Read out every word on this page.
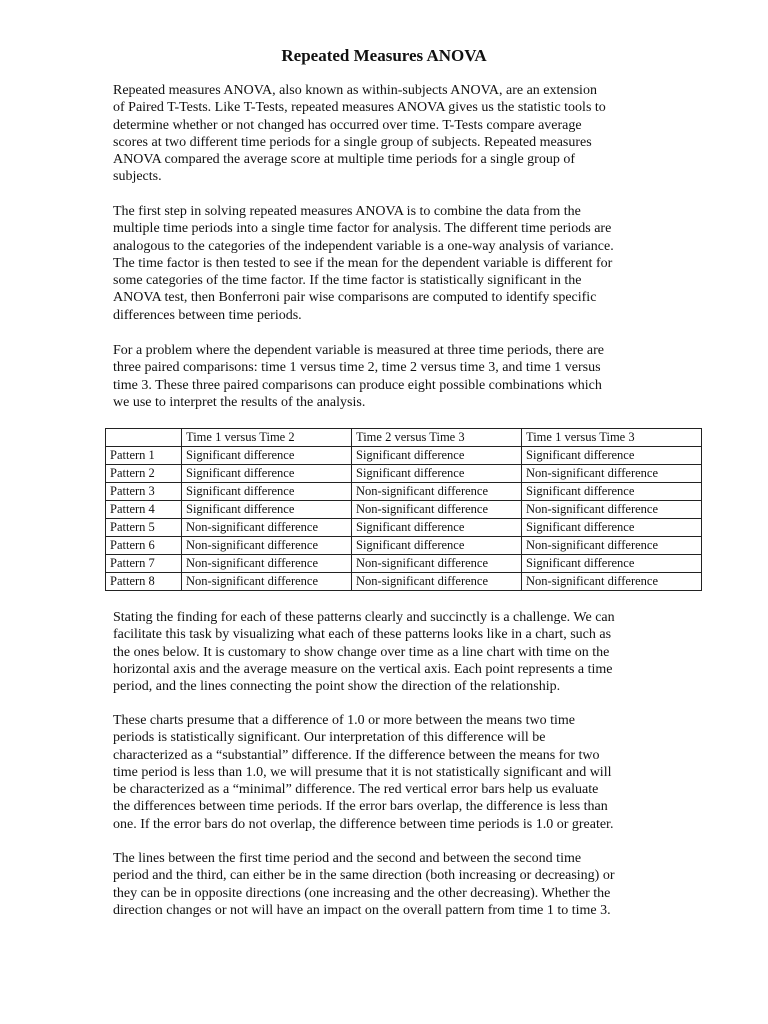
Repeated Measures ANOVA

Repeated measures ANOVA, also known as within-subjects ANOVA, are an extension
of Paired T-Tests. Like T-Tests, repeated measures ANOVA gives us the statistic tools to
determine whether or not changed has occurred over time. T-Tests compare average
scores at two different time periods for a single group of subjects. Repeated measures
ANOVA compared the average score at multiple time periods for a single group of
subjects.

The first step in solving repeated measures ANOVA is to combine the data from the
multiple time periods into a single time factor for analysis. The different time periods are
analogous to the categories of the independent variable is a one-way analysis of variance.
The time factor is then tested to see if the mean for the dependent variable is different for
some categories of the time factor. If the time factor is statistically significant in the
ANOVA test, then Bonferroni pair wise comparisons are computed to identify specific
differences between time periods.

For a problem where the dependent variable is measured at three time periods, there are
three paired comparisons: time 1 versus time 2, time 2 versus time 3, and time 1 versus
time 3. These three paired comparisons can produce eight possible combinations which
we use to interpret the results of the analysis.

	Time 1 versus Time 2	Time 2 versus Time 3	Time 1 versus Time 3
Pattern 1	Significant difference	Significant difference	Significant difference
Pattern 2	Significant difference	Significant difference	Non-significant difference
Pattern 3	Significant difference	Non-significant difference	Significant difference
Pattern 4	Significant difference	Non-significant difference	Non-significant difference
Pattern 5	Non-significant difference	Significant difference	Significant difference
Pattern 6	Non-significant difference	Significant difference	Non-significant difference
Pattern 7	Non-significant difference	Non-significant difference	Significant difference
Pattern 8	Non-significant difference	Non-significant difference	Non-significant difference

Stating the finding for each of these patterns clearly and succinctly is a challenge. We can
facilitate this task by visualizing what each of these patterns looks like in a chart, such as
the ones below. It is customary to show change over time as a line chart with time on the
horizontal axis and the average measure on the vertical axis. Each point represents a time
period, and the lines connecting the point show the direction of the relationship.

These charts presume that a difference of 1.0 or more between the means two time
periods is statistically significant. Our interpretation of this difference will be
characterized as a “substantial” difference. If the difference between the means for two
time period is less than 1.0, we will presume that it is not statistically significant and will
be characterized as a “minimal” difference. The red vertical error bars help us evaluate
the differences between time periods. If the error bars overlap, the difference is less than
one. If the error bars do not overlap, the difference between time periods is 1.0 or greater.

The lines between the first time period and the second and between the second time
period and the third, can either be in the same direction (both increasing or decreasing) or
they can be in opposite directions (one increasing and the other decreasing). Whether the
direction changes or not will have an impact on the overall pattern from time 1 to time 3.
